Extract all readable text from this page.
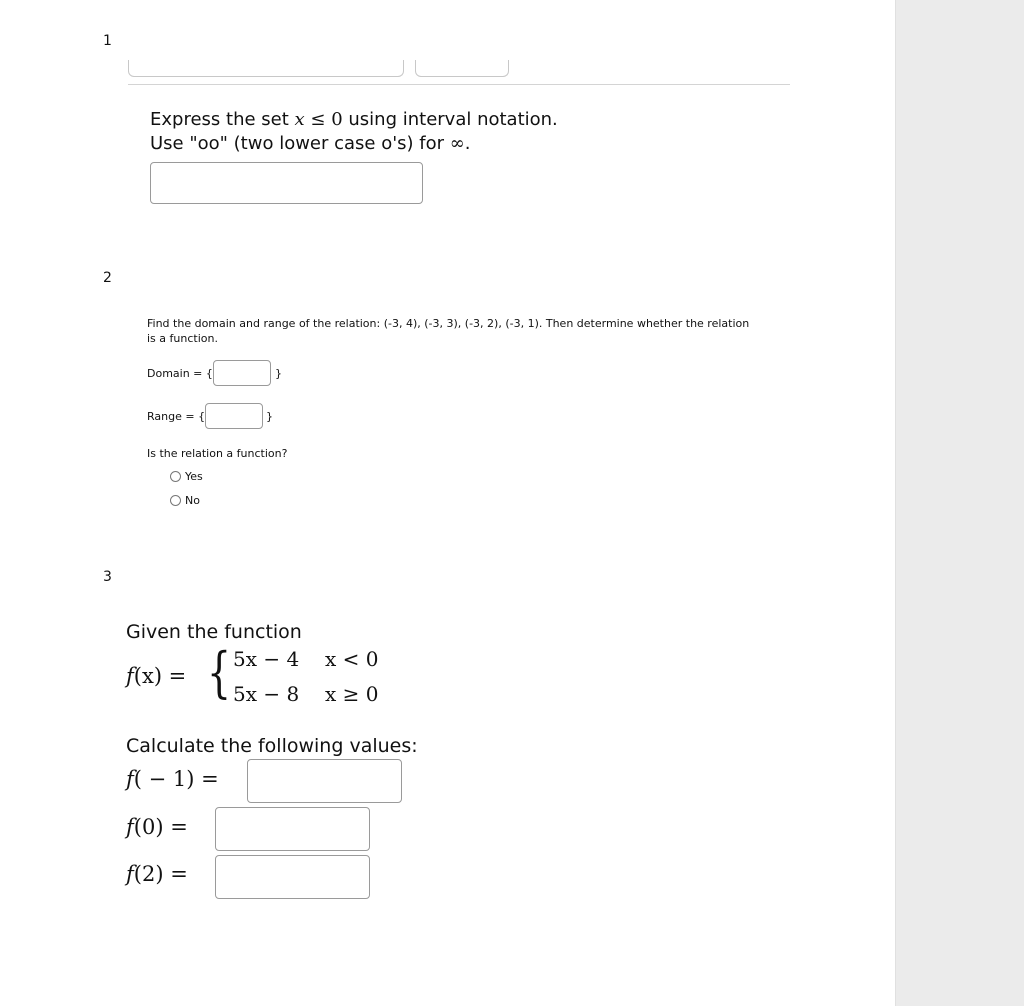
1
Express the set x ≤ 0 using interval notation.
Use "oo" (two lower case o's) for ∞.
2
Find the domain and range of the relation: (-3, 4), (-3, 3), (-3, 2), (-3, 1). Then determine whether the relation is a function.
Domain = {	}
Range = {	}
Is the relation a function?
Yes
No
3
Given the function
f(x) = { 5x − 4 x < 0
5x − 8 x ≥ 0
Calculate the following values:
f( − 1) =
f(0) =
f(2) =
